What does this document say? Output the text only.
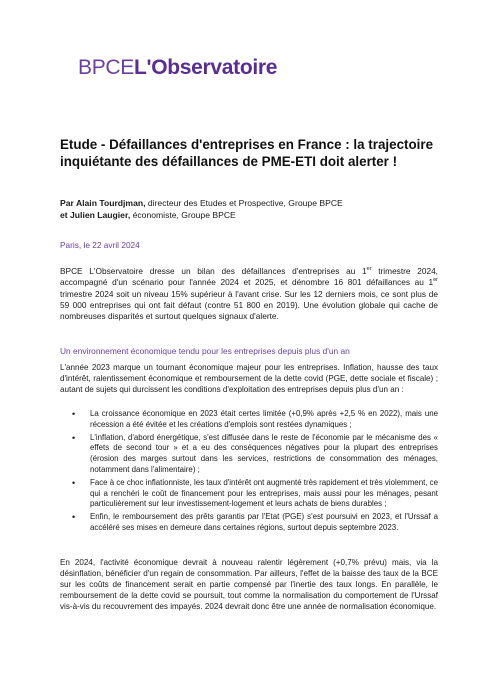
BPCEL'Observatoire
Etude - Défaillances d'entreprises en France : la trajectoire inquiétante des défaillances de PME-ETI doit alerter !
Par Alain Tourdjman, directeur des Etudes et Prospective, Groupe BPCE
et Julien Laugier, économiste, Groupe BPCE
Paris, le 22 avril 2024
BPCE L'Observatoire dresse un bilan des défaillances d'entreprises au 1er trimestre 2024, accompagné d'un scénario pour l'année 2024 et 2025, et dénombre 16 801 défaillances au 1er trimestre 2024 soit un niveau 15% supérieur à l'avant crise. Sur les 12 derniers mois, ce sont plus de 59 000 entreprises qui ont fait défaut (contre 51 800 en 2019). Une évolution globale qui cache de nombreuses disparités et surtout quelques signaux d'alerte.
Un environnement économique tendu pour les entreprises depuis plus d'un an
L'année 2023 marque un tournant économique majeur pour les entreprises. Inflation, hausse des taux d'intérêt, ralentissement économique et remboursement de la dette covid (PGE, dette sociale et fiscale) ; autant de sujets qui durcissent les conditions d'exploitation des entreprises depuis plus d'un an :
• La croissance économique en 2023 était certes limitée (+0,9% après +2,5 % en 2022), mais une récession a été évitée et les créations d'emplois sont restées dynamiques ;
• L'inflation, d'abord énergétique, s'est diffusée dans le reste de l'économie par le mécanisme des « effets de second tour » et a eu des conséquences négatives pour la plupart des entreprises (érosion des marges surtout dans les services, restrictions de consommation des ménages, notamment dans l'alimentaire) ;
• Face à ce choc inflationniste, les taux d'intérêt ont augmenté très rapidement et très violemment, ce qui a renchéri le coût de financement pour les entreprises, mais aussi pour les ménages, pesant particulièrement sur leur investissement-logement et leurs achats de biens durables ;
• Enfin, le remboursement des prêts garantis par l'Etat (PGE) s'est poursuivi en 2023, et l'Urssaf a accéléré ses mises en demeure dans certaines régions, surtout depuis septembre 2023.
En 2024, l'activité économique devrait à nouveau ralentir légèrement (+0,7% prévu) mais, via la désinflation, bénéficier d'un regain de consommation. Par ailleurs, l'effet de la baisse des taux de la BCE sur les coûts de financement serait en partie compensé par l'inertie des taux longs. En parallèle, le remboursement de la dette covid se poursuit, tout comme la normalisation du comportement de l'Urssaf vis-à-vis du recouvrement des impayés. 2024 devrait donc être une année de normalisation économique.
